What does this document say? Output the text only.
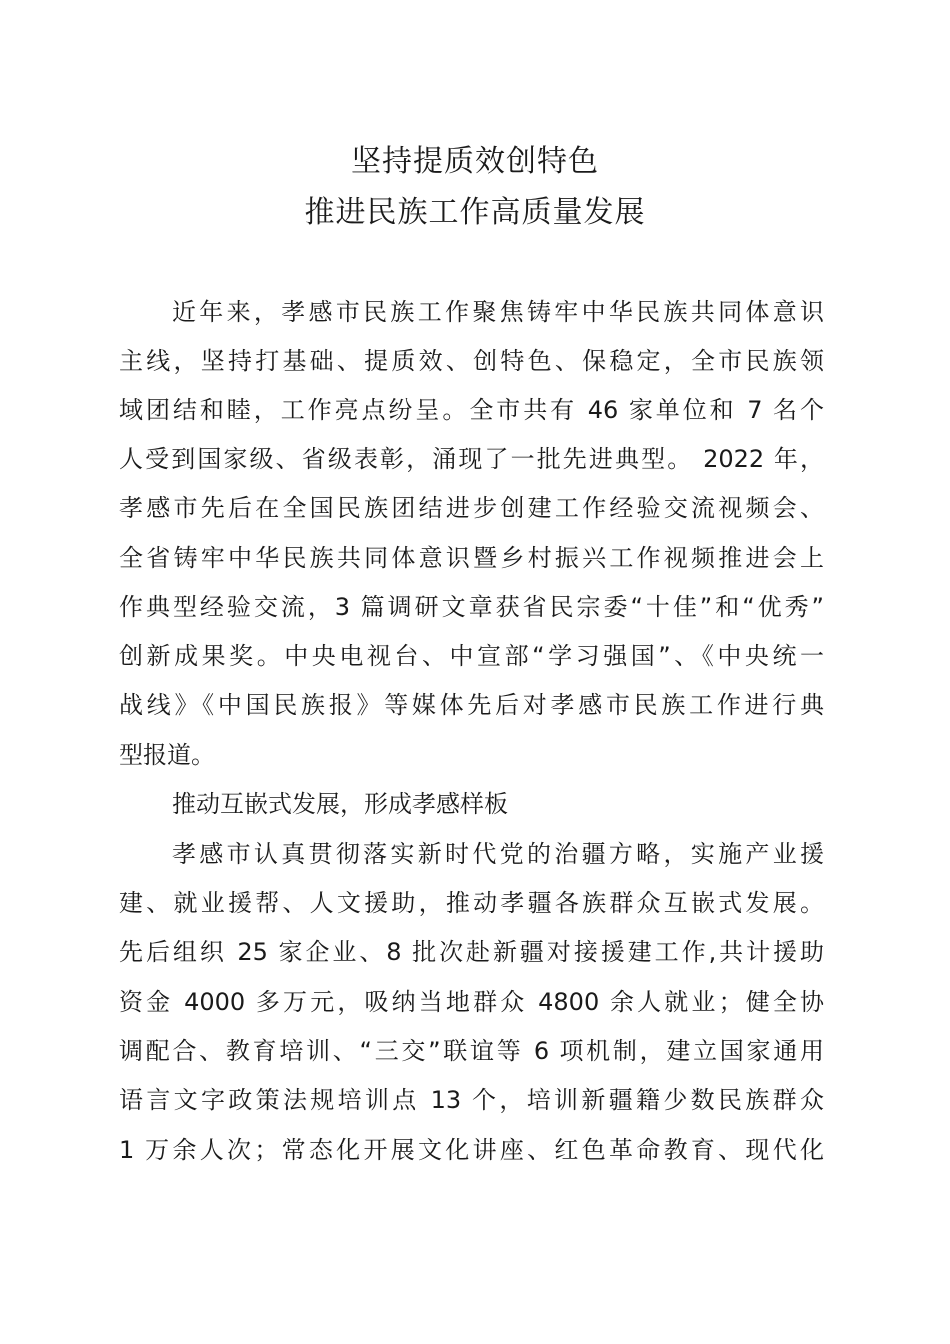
坚持提质效创特色
推进民族工作高质量发展
近年来，孝感市民族工作聚焦铸牢中华民族共同体意识
主线，坚持打基础、提质效、创特色、保稳定，全市民族领
域团结和睦，工作亮点纷呈。全市共有 46 家单位和 7 名个
人受到国家级、省级表彰，涌现了一批先进典型。 2022 年，
孝感市先后在全国民族团结进步创建工作经验交流视频会、
全省铸牢中华民族共同体意识暨乡村振兴工作视频推进会上
作典型经验交流，3 篇调研文章获省民宗委“十佳”和“优秀”
创新成果奖。中央电视台、中宣部“学习强国”、《中央统一
战线》《中国民族报》等媒体先后对孝感市民族工作进行典
型报道。
推动互嵌式发展，形成孝感样板
孝感市认真贯彻落实新时代党的治疆方略，实施产业援
建、就业援帮、人文援助，推动孝疆各族群众互嵌式发展。
先后组织 25 家企业、8 批次赴新疆对接援建工作,共计援助
资金 4000 多万元，吸纳当地群众 4800 余人就业；健全协
调配合、教育培训、“三交”联谊等 6 项机制，建立国家通用
语言文字政策法规培训点 13 个，培训新疆籍少数民族群众
1 万余人次；常态化开展文化讲座、红色革命教育、现代化
